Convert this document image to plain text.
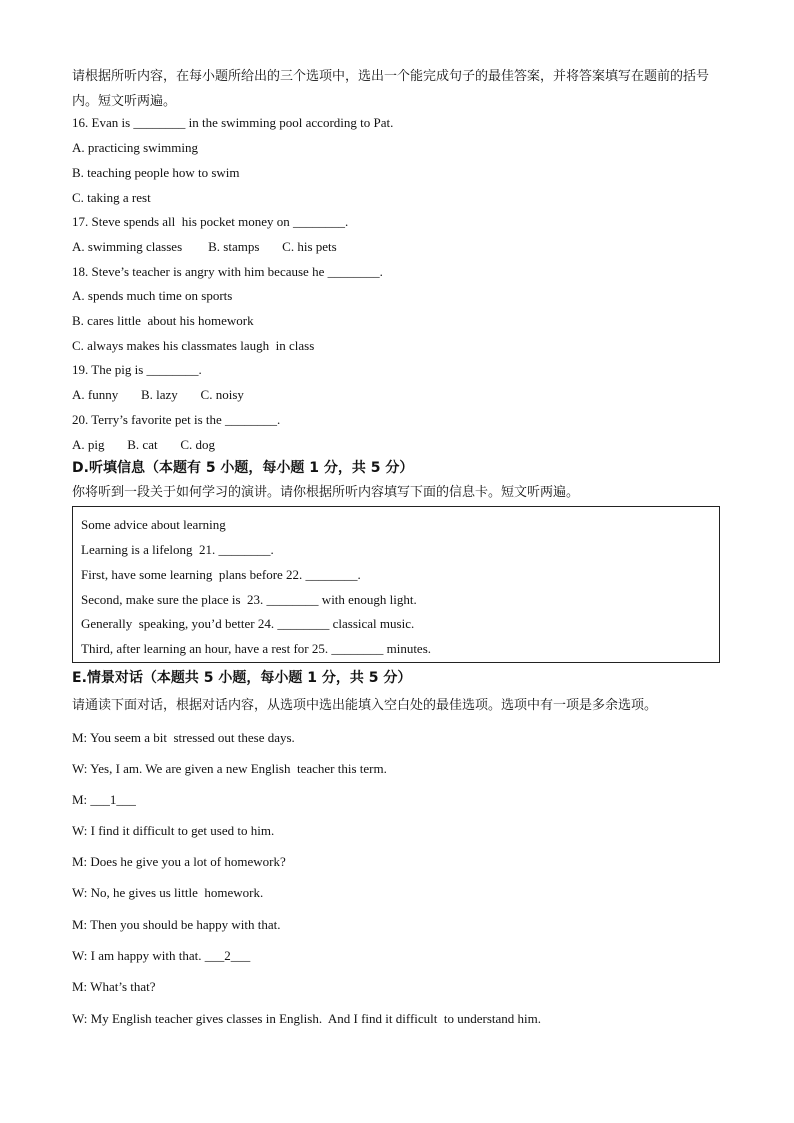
请根据所听内容，在每小题所给出的三个选项中，选出一个能完成句子的最佳答案，并将答案填写在题前的括号内。短文听两遍。
16. Evan is ________ in the swimming pool according to Pat.
A. practicing swimming
B. teaching people how to swim
C. taking a rest
17. Steve spends all  his pocket money on ________.
A. swimming classes        B. stamps       C. his pets
18. Steve’s teacher is angry with him because he ________.
A. spends much time on sports
B. cares little  about his homework
C. always makes his classmates laugh  in class
19. The pig is ________.
A. funny       B. lazy       C. noisy
20. Terry’s favorite pet is the ________.
A. pig       B. cat       C. dog
D.听填信息（本题有 5 小题，每小题 1 分，共 5 分）
你将听到一段关于如何学习的演讲。请你根据所听内容填写下面的信息卡。短文听两遍。
Some advice about learning
Learning is a lifelong  21. ________.
First, have some learning  plans before 22. ________.
Second, make sure the place is  23. ________ with enough light.
Generally  speaking, you’d better 24. ________ classical music.
Third, after learning an hour, have a rest for 25. ________ minutes.
E.情景对话（本题共 5 小题，每小题 1 分，共 5 分）
请通读下面对话，根据对话内容，从选项中选出能填入空白处的最佳选项。选项中有一项是多余选项。
M: You seem a bit  stressed out these days.
W: Yes, I am. We are given a new English  teacher this term.
M: ___1___
W: I find it difficult to get used to him.
M: Does he give you a lot of homework?
W: No, he gives us little  homework.
M: Then you should be happy with that.
W: I am happy with that. ___2___
M: What’s that?
W: My English teacher gives classes in English.  And I find it difficult  to understand him.
